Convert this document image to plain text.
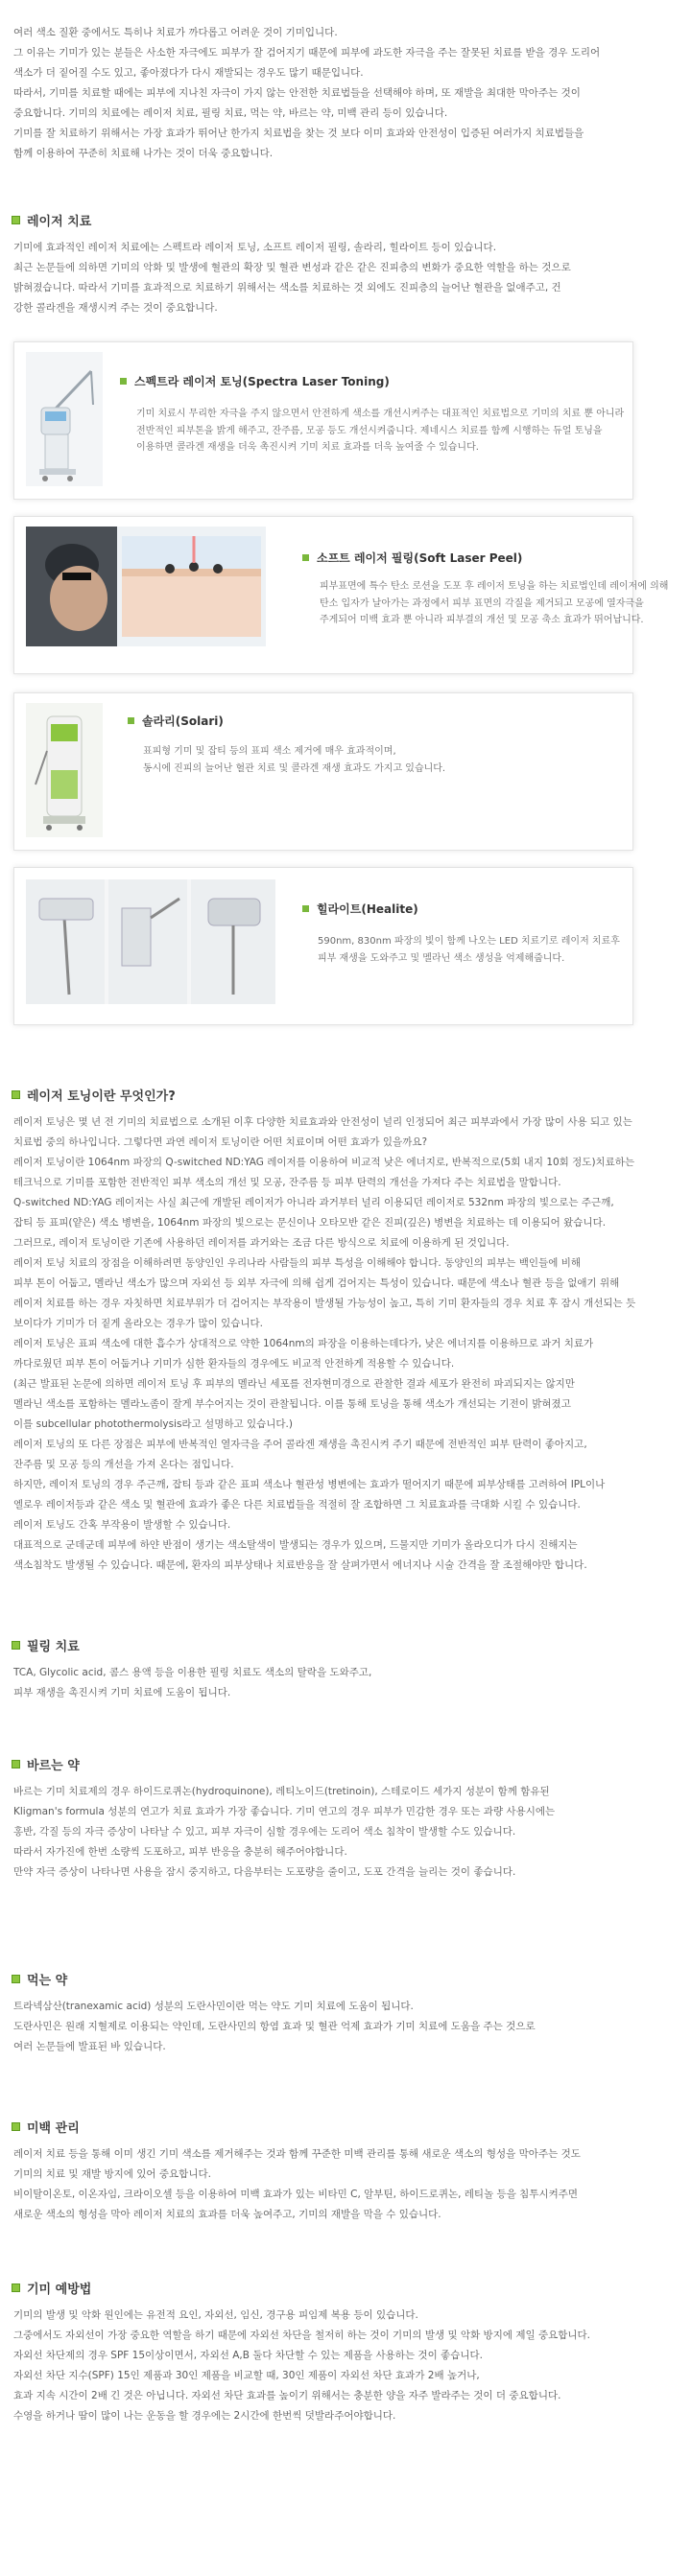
여러 색소 질환 중에서도 특히나 치료가 까다롭고 어려운 것이 기미입니다.

그 이유는 기미가 있는 분들은 사소한 자극에도 피부가 잘 검어지기 때문에 피부에 과도한 자극을 주는 잘못된 치료를 받을 경우 도리어

색소가 더 짙어질 수도 있고, 좋아졌다가 다시 재발되는 경우도 많기 때문입니다.

따라서, 기미를 치료할 때에는 피부에 지나친 자극이 가지 않는 안전한 치료법들을 선택해야 하며, 또 재발을 최대한 막아주는 것이

중요합니다. 기미의 치료에는 레이저 치료, 필링 치료, 먹는 약, 바르는 약, 미백 관리 등이 있습니다.

기미를 잘 치료하기 위해서는 가장 효과가 뛰어난 한가지 치료법을 찾는 것 보다 이미 효과와 안전성이 입증된 여러가지 치료법들을

함께 이용하여 꾸준히 치료해 나가는 것이 더욱 중요합니다.

레이저 치료

기미에 효과적인 레이저 치료에는 스펙트라 레이저 토닝, 소프트 레이저 필링, 솔라리, 힐라이트 등이 있습니다.

최근 논문들에 의하면 기미의 악화 및 발생에 혈관의 확장 및 혈관 변성과 같은 같은 진피층의 변화가 중요한 역할을 하는 것으로

밝혀졌습니다. 따라서 기미를 효과적으로 치료하기 위해서는 색소를 치료하는 것 외에도 진피층의 늘어난 혈관을 없애주고, 건

강한 콜라겐을 재생시켜 주는 것이 중요합니다.

스펙트라 레이저 토닝(Spectra Laser Toning)

기미 치료시 무리한 자극을 주지 않으면서 안전하게 색소를 개선시켜주는 대표적인 치료법으로 기미의 치료 뿐 아니라

전반적인 피부톤을 밝게 해주고, 잔주름, 모공 등도 개선시켜줍니다. 제네시스 치료를 함께 시행하는 듀얼 토닝을

이용하면 콜라겐 재생을 더욱 촉진시켜 기미 치료 효과를 더욱 높여줄 수 있습니다.

소프트 레이저 필링(Soft Laser Peel)

피부표면에 특수 탄소 로션을 도포 후 레이저 토닝을 하는 치료법인데 레이저에 의해

탄소 입자가 날아가는 과정에서 피부 표면의 각질을 제거되고 모공에 열자극을

주게되어 미백 효과 뿐 아니라 피부결의 개선 및 모공 축소 효과가 뛰어납니다.

솔라리(Solari)

표피형 기미 및 잡티 등의 표피 색소 제거에 매우 효과적이며,

동시에 진피의 늘어난 혈관 치료 및 콜라겐 재생 효과도 가지고 있습니다.

힐라이트(Healite)

590nm, 830nm 파장의 빛이 함께 나오는 LED 치료기로 레이저 치료후

피부 재생을 도와주고 및 멜라닌 색소 생성을 억제해줍니다.

레이저 토닝이란 무엇인가?

레이저 토닝은 몇 년 전 기미의 치료법으로 소개된 이후 다양한 치료효과와 안전성이 널리 인정되어 최근 피부과에서 가장 많이 사용 되고 있는

치료법 중의 하나입니다. 그렇다면 과연 레이저 토닝이란 어떤 치료이며 어떤 효과가 있을까요?

레이저 토닝이란 1064nm 파장의 Q-switched ND:YAG 레이저를 이용하여 비교적 낮은 에너지로, 반복적으로(5회 내지 10회 정도)치료하는

테크닉으로 기미를 포함한 전반적인 피부 색소의 개선 및 모공, 잔주름 등 피부 탄력의 개선을 가져다 주는 치료법을 말합니다.

Q-switched ND:YAG 레이저는 사실 최근에 개발된 레이저가 아니라 과거부터 널리 이용되던 레이저로 532nm 파장의 빛으로는 주근깨,

잡티 등 표피(얕은) 색소 병변을, 1064nm 파장의 빛으로는 문신이나 오타모반 같은 진피(깊은) 병변을 치료하는 데 이용되어 왔습니다.

그러므로, 레이저 토닝이란 기존에 사용하던 레이저를 과거와는 조금 다른 방식으로 치료에 이용하게 된 것입니다.

레이저 토닝 치료의 장점을 이해하려면 동양인인 우리나라 사람들의 피부 특성을 이해해야 합니다. 동양인의 피부는 백인들에 비해

피부 톤이 어둡고, 멜라닌 색소가 많으며 자외선 등 외부 자극에 의해 쉽게 검어지는 특성이 있습니다. 때문에 색소나 혈관 등을 없애기 위해

레이저 치료를 하는 경우 자칫하면 치료부위가 더 검어지는 부작용이 발생될 가능성이 높고, 특히 기미 환자들의 경우 치료 후 잠시 개선되는 듯

보이다가 기미가 더 짙게 올라오는 경우가 많이 있습니다.

레이저 토닝은 표피 색소에 대한 흡수가 상대적으로 약한 1064nm의 파장을 이용하는데다가, 낮은 에너지를 이용하므로 과거 치료가

까다로웠던 피부 톤이 어둡거나 기미가 심한 환자들의 경우에도 비교적 안전하게 적용할 수 있습니다.

(최근 발표된 논문에 의하면 레이저 토닝 후 피부의 멜라닌 세포를 전자현미경으로 관찰한 결과 세포가 완전히 파괴되지는 않지만

멜라닌 색소를 포함하는 멜라노좀이 잘게 부수어지는 것이 관찰됩니다. 이를 통해 토닝을 통해 색소가 개선되는 기전이 밝혀졌고

이를 subcellular photothermolysis라고 설명하고 있습니다.)

레이저 토닝의 또 다른 장점은 피부에 반복적인 열자극을 주어 콜라겐 재생을 촉진시켜 주기 때문에 전반적인 피부 탄력이 좋아지고,

잔주름 및 모공 등의 개선을 가져 온다는 점입니다.

하지만, 레이저 토닝의 경우 주근깨, 잡티 등과 같은 표피 색소나 혈관성 병변에는 효과가 떨어지기 때문에 피부상태를 고려하여 IPL이나

엘로우 레이저등과 같은 색소 및 혈관에 효과가 좋은 다른 치료법들을 적절히 잘 조합하면 그 치료효과를 극대화 시킬 수 있습니다.

레이저 토닝도 간혹 부작용이 발생할 수 있습니다.

대표적으로 군데군데 피부에 하얀 반점이 생기는 색소탈색이 발생되는 경우가 있으며, 드물지만 기미가 올라오디가 다시 진해지는

색소침착도 발생될 수 있습니다. 때문에, 환자의 피부상태나 치료반응을 잘 살펴가면서 에너지나 시술 간격을 잘 조절해야만 합니다.

필링 치료

TCA, Glycolic acid, 콤스 용액 등을 이용한 필링 치료도 색소의 탈락을 도와주고,

피부 재생을 촉진시켜 기미 치료에 도움이 됩니다.

바르는 약

바르는 기미 치료제의 경우 하이드로퀴논(hydroquinone), 레티노이드(tretinoin), 스테로이드 세가지 성분이 함께 함유된

Kligman's formula 성분의 연고가 치료 효과가 가장 좋습니다. 기미 연고의 경우 피부가 민감한 경우 또는 과량 사용시에는

홍반, 각질 등의 자극 증상이 나타날 수 있고, 피부 자극이 심할 경우에는 도리어 색소 침착이 발생할 수도 있습니다.

따라서 자가진에 한번 소량씩 도포하고, 피부 반응을 충분히 해주어야합니다.

만약 자극 증상이 나타나면 사용을 잠시 중지하고, 다음부터는 도포량을 줄이고, 도포 간격을 늘리는 것이 좋습니다.

먹는 약

트라넥삼산(tranexamic acid) 성분의 도란사민이란 먹는 약도 기미 치료에 도움이 됩니다.

도란사민은 원래 지혈제로 이용되는 약인데, 도란사민의 항염 효과 및 혈관 억제 효과가 기미 치료에 도움을 주는 것으로

여러 논문들에 발표된 바 있습니다.

미백 관리

레이저 치료 등을 통해 이미 생긴 기미 색소를 제거해주는 것과 함께 꾸준한 미백 관리를 통해 새로운 색소의 형성을 막아주는 것도

기미의 치료 및 재발 방지에 있어 중요합니다.

비이탈이온토, 이온자임, 크라이오셀 등을 이용하여 미백 효과가 있는 비타민 C, 알부틴, 하이드로퀴논, 레티놀 등을 침투시켜주면

새로운 색소의 형성을 막아 레이저 치료의 효과를 더욱 높여주고, 기미의 재발을 막을 수 있습니다.

기미 예방법

기미의 발생 및 악화 원인에는 유전적 요인, 자외선, 임신, 경구용 피임제 복용 등이 있습니다.

그중에서도 자외선이 가장 중요한 역할을 하기 때문에 자외선 차단을 철저히 하는 것이 기미의 발생 및 악화 방지에 제일 중요합니다.

자외선 차단제의 경우 SPF 15이상이면서, 자외선 A,B 둘다 차단할 수 있는 제품을 사용하는 것이 좋습니다.

자외선 차단 지수(SPF) 15인 제품과 30인 제품을 비교할 때, 30인 제품이 자외선 차단 효과가 2배 높거나,

효과 지속 시간이 2배 긴 것은 아닙니다. 자외선 차단 효과를 높이기 위해서는 충분한 양을 자주 발라주는 것이 더 중요합니다.

수영을 하거나 땀이 많이 나는 운동을 할 경우에는 2시간에 한번씩 덧발라주어야합니다.
